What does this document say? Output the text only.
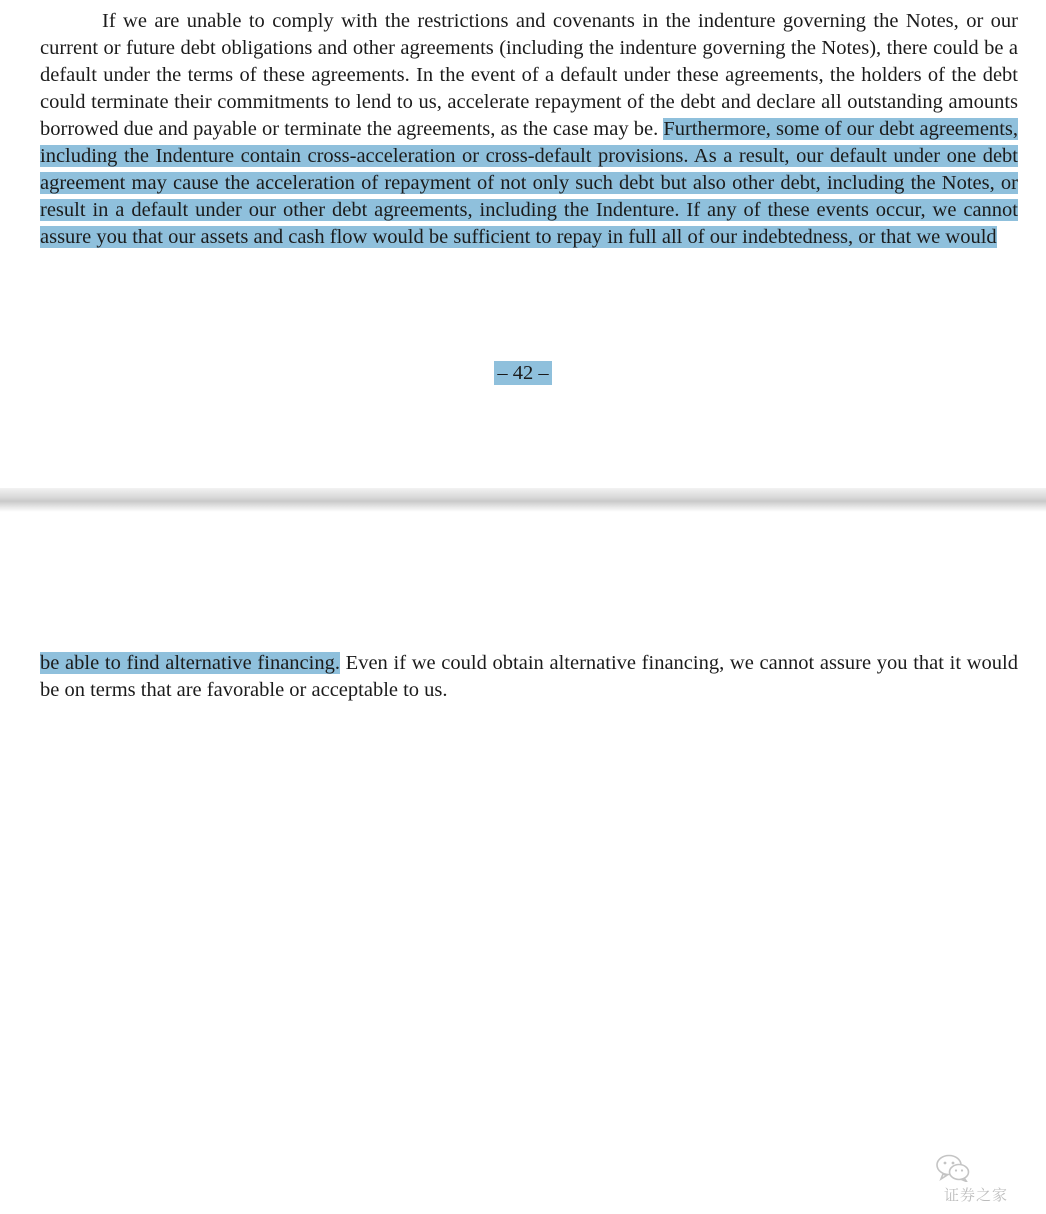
If we are unable to comply with the restrictions and covenants in the indenture governing the Notes, or our current or future debt obligations and other agreements (including the indenture governing the Notes), there could be a default under the terms of these agreements. In the event of a default under these agreements, the holders of the debt could terminate their commitments to lend to us, accelerate repayment of the debt and declare all outstanding amounts borrowed due and payable or terminate the agreements, as the case may be. Furthermore, some of our debt agreements, including the Indenture contain cross-acceleration or cross-default provisions. As a result, our default under one debt agreement may cause the acceleration of repayment of not only such debt but also other debt, including the Notes, or result in a default under our other debt agreements, including the Indenture. If any of these events occur, we cannot assure you that our assets and cash flow would be sufficient to repay in full all of our indebtedness, or that we would
– 42 –
be able to find alternative financing. Even if we could obtain alternative financing, we cannot assure you that it would be on terms that are favorable or acceptable to us.
证券之家
